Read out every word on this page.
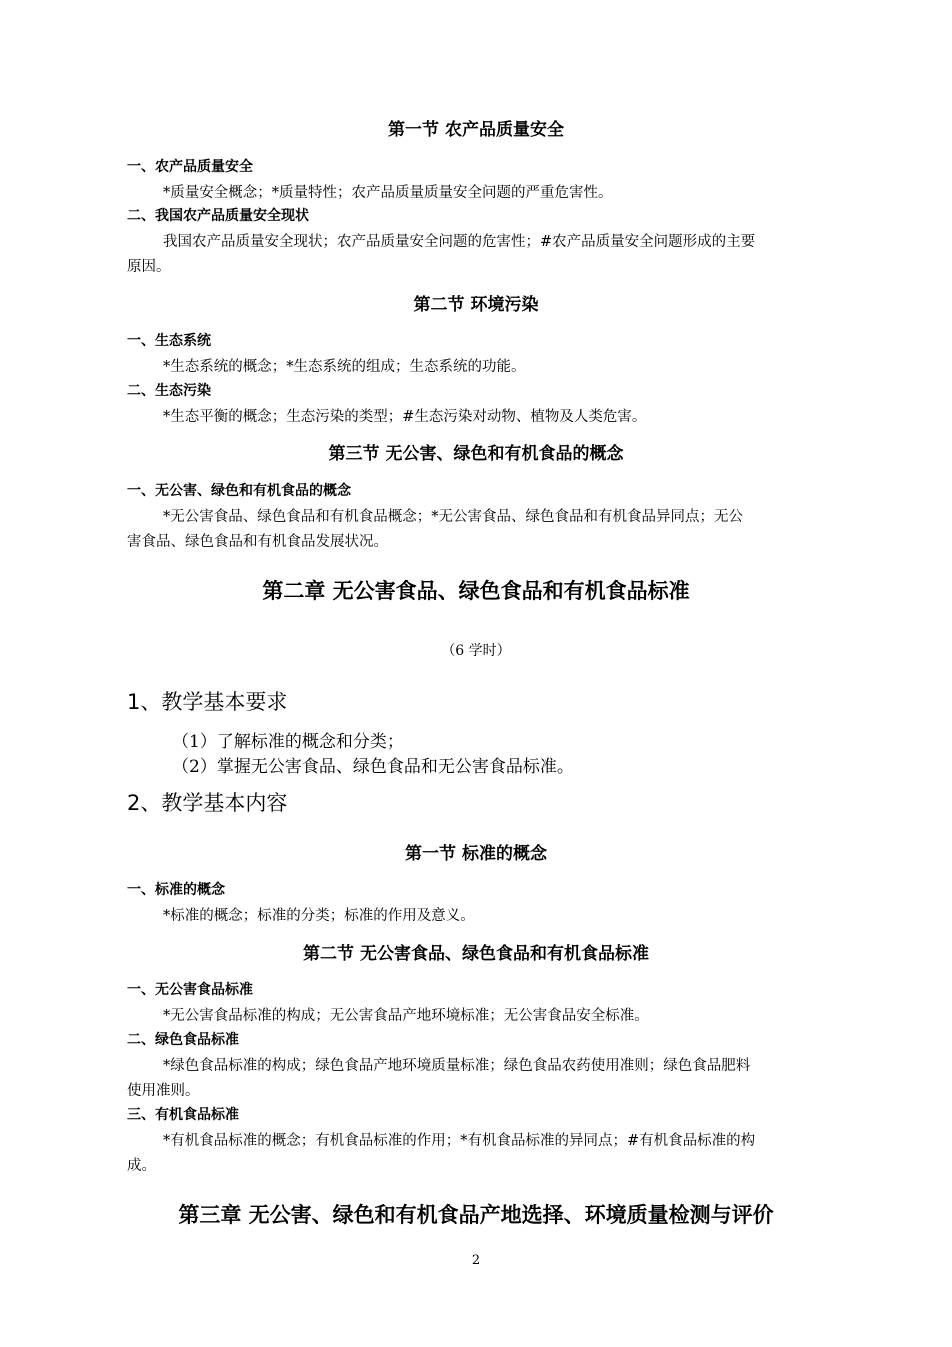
第一节 农产品质量安全
一、农产品质量安全
*质量安全概念；*质量特性；农产品质量质量安全问题的严重危害性。
二、我国农产品质量安全现状
我国农产品质量安全现状；农产品质量安全问题的危害性；#农产品质量安全问题形成的主要
原因。
第二节 环境污染
一、生态系统
*生态系统的概念；*生态系统的组成；生态系统的功能。
二、生态污染
*生态平衡的概念；生态污染的类型；#生态污染对动物、植物及人类危害。
第三节 无公害、绿色和有机食品的概念
一、无公害、绿色和有机食品的概念
*无公害食品、绿色食品和有机食品概念；*无公害食品、绿色食品和有机食品异同点；无公
害食品、绿色食品和有机食品发展状况。
第二章 无公害食品、绿色食品和有机食品标准
（6 学时）
1、教学基本要求
（1）了解标准的概念和分类；
（2）掌握无公害食品、绿色食品和无公害食品标准。
2、教学基本内容
第一节 标准的概念
一、标准的概念
*标准的概念；标准的分类；标准的作用及意义。
第二节 无公害食品、绿色食品和有机食品标准
一、无公害食品标准
*无公害食品标准的构成；无公害食品产地环境标准；无公害食品安全标准。
二、绿色食品标准
*绿色食品标准的构成；绿色食品产地环境质量标准；绿色食品农药使用准则；绿色食品肥料
使用准则。
三、有机食品标准
*有机食品标准的概念；有机食品标准的作用；*有机食品标准的异同点；#有机食品标准的构
成。
第三章 无公害、绿色和有机食品产地选择、环境质量检测与评价
2
